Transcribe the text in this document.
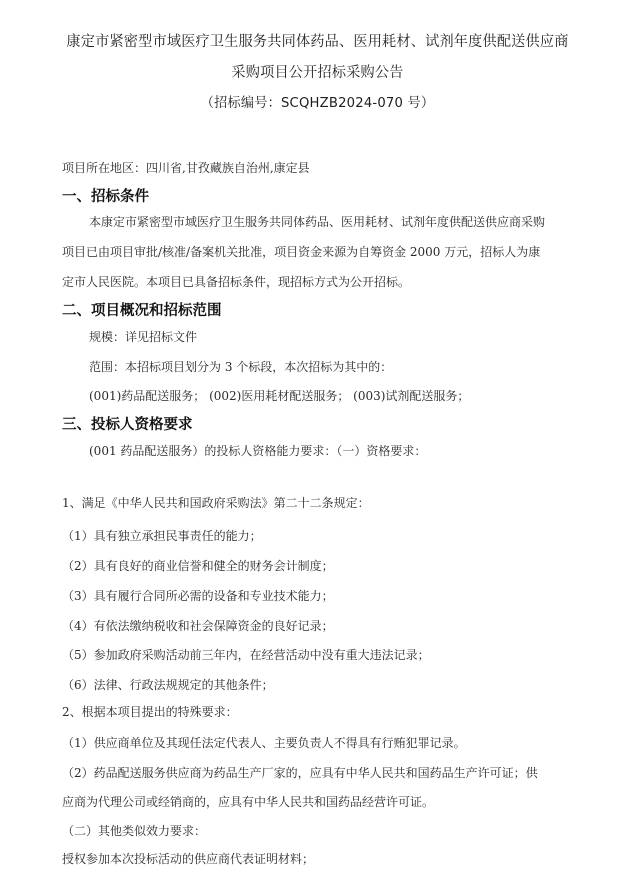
康定市紧密型市域医疗卫生服务共同体药品、医用耗材、试剂年度供配送供应商
采购项目公开招标采购公告
（招标编号：SCQHZB2024-070 号）
项目所在地区：四川省,甘孜藏族自治州,康定县
一、招标条件
本康定市紧密型市域医疗卫生服务共同体药品、医用耗材、试剂年度供配送供应商采购
项目已由项目审批/核准/备案机关批准，项目资金来源为自筹资金 2000 万元，招标人为康
定市人民医院。本项目已具备招标条件，现招标方式为公开招标。
二、项目概况和招标范围
规模：详见招标文件
范围：本招标项目划分为 3 个标段，本次招标为其中的：
(001)药品配送服务； (002)医用耗材配送服务； (003)试剂配送服务；
三、投标人资格要求
(001 药品配送服务）的投标人资格能力要求：（一）资格要求：
1、满足《中华人民共和国政府采购法》第二十二条规定：
（1）具有独立承担民事责任的能力；
（2）具有良好的商业信誉和健全的财务会计制度；
（3）具有履行合同所必需的设备和专业技术能力；
（4）有依法缴纳税收和社会保障资金的良好记录；
（5）参加政府采购活动前三年内，在经营活动中没有重大违法记录；
（6）法律、行政法规规定的其他条件；
2、根据本项目提出的特殊要求：
（1）供应商单位及其现任法定代表人、主要负责人不得具有行贿犯罪记录。
（2）药品配送服务供应商为药品生产厂家的，应具有中华人民共和国药品生产许可证；供
应商为代理公司或经销商的，应具有中华人民共和国药品经营许可证。
（二）其他类似效力要求：
授权参加本次投标活动的供应商代表证明材料；
